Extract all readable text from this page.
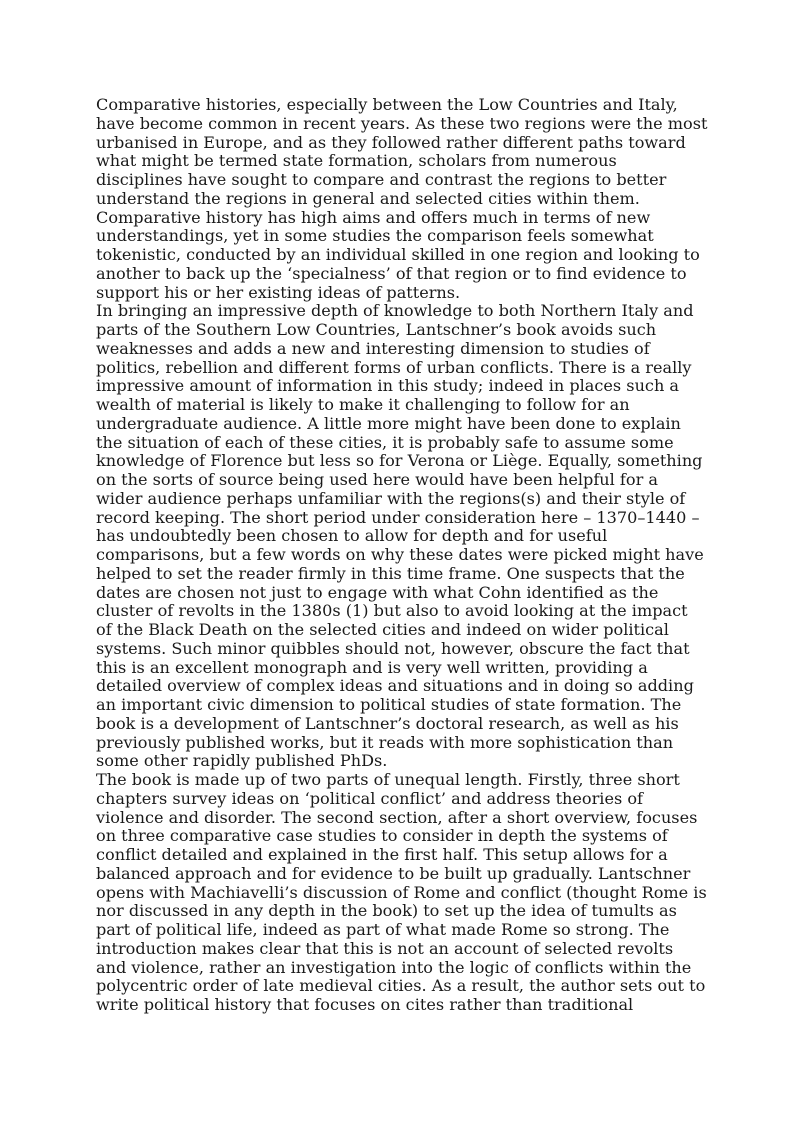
Comparative histories, especially between the Low Countries and Italy, have become common in recent years. As these two regions were the most urbanised in Europe, and as they followed rather different paths toward what might be termed state formation, scholars from numerous disciplines have sought to compare and contrast the regions to better understand the regions in general and selected cities within them. Comparative history has high aims and offers much in terms of new understandings, yet in some studies the comparison feels somewhat tokenistic, conducted by an individual skilled in one region and looking to another to back up the ‘specialness’ of that region or to find evidence to support his or her existing ideas of patterns.

In bringing an impressive depth of knowledge to both Northern Italy and parts of the Southern Low Countries, Lantschner’s book avoids such weaknesses and adds a new and interesting dimension to studies of politics, rebellion and different forms of urban conflicts. There is a really impressive amount of information in this study; indeed in places such a wealth of material is likely to make it challenging to follow for an undergraduate audience. A little more might have been done to explain the situation of each of these cities, it is probably safe to assume some knowledge of Florence but less so for Verona or Liège. Equally, something on the sorts of source being used here would have been helpful for a wider audience perhaps unfamiliar with the regions(s) and their style of record keeping. The short period under consideration here – 1370–1440 – has undoubtedly been chosen to allow for depth and for useful comparisons, but a few words on why these dates were picked might have helped to set the reader firmly in this time frame. One suspects that the dates are chosen not just to engage with what Cohn identified as the cluster of revolts in the 1380s (1) but also to avoid looking at the impact of the Black Death on the selected cities and indeed on wider political systems. Such minor quibbles should not, however, obscure the fact that this is an excellent monograph and is very well written, providing a detailed overview of complex ideas and situations and in doing so adding an important civic dimension to political studies of state formation. The book is a development of Lantschner’s doctoral research, as well as his previously published works, but it reads with more sophistication than some other rapidly published PhDs.

The book is made up of two parts of unequal length. Firstly, three short chapters survey ideas on ‘political conflict’ and address theories of violence and disorder. The second section, after a short overview, focuses on three comparative case studies to consider in depth the systems of conflict detailed and explained in the first half. This setup allows for a balanced approach and for evidence to be built up gradually. Lantschner opens with Machiavelli’s discussion of Rome and conflict (thought Rome is nor discussed in any depth in the book) to set up the idea of tumults as part of political life, indeed as part of what made Rome so strong. The introduction makes clear that this is not an account of selected revolts and violence, rather an investigation into the logic of conflicts within the polycentric order of late medieval cities. As a result, the author sets out to write political history that focuses on cites rather than traditional
